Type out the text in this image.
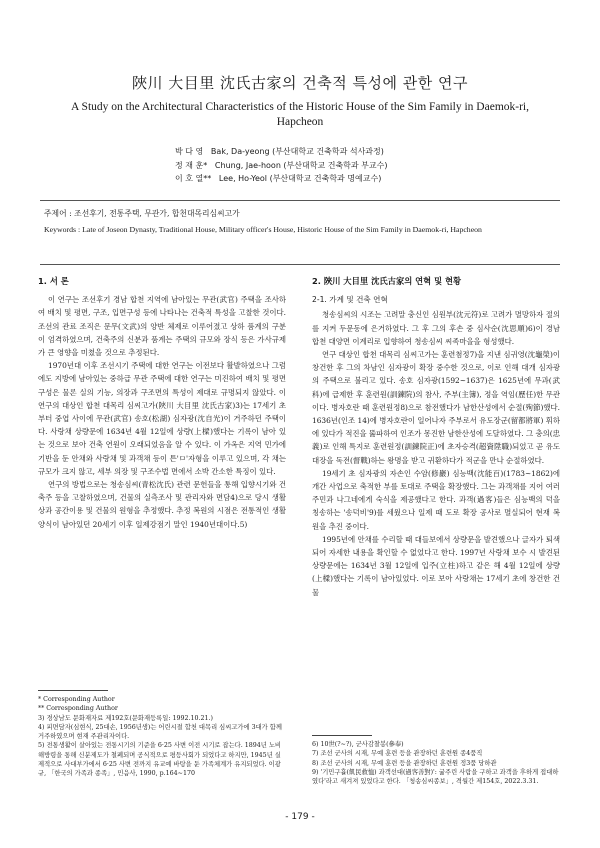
陜川 大目里 沈氏古家의 건축적 특성에 관한 연구
A Study on the Architectural Characteristics of the Historic House of the Sim Family in Daemok-ri, Hapcheon
박 다 영 Bak, Da-yeong (부산대학교 건축학과 석사과정)
정 재 훈* Chung, Jae-hoon (부산대학교 건축학과 부교수)
이 호 열** Lee, Ho-Yeol (부산대학교 건축학과 명예교수)
주제어 : 조선후기, 전통주택, 무관가, 합천대목리심씨고가
Keywords : Late of Joseon Dynasty, Traditional House, Military officer's House, Historic House of the Sim Family in Daemok-ri, Hapcheon
1. 서 론

이 연구는 조선후기 경남 합천 지역에 남아있는 무관(武官) 주택을 조사하여 배치 및 평면, 구조, 입면구성 등에 나타나는 건축적 특성을 고찰한 것이다. 조선의 관료 조직은 문무(文武)의 양반 체제로 이루어졌고 상하 품계의 구분이 엄격하였으며, 건축주의 신분과 품계는 주택의 규모와 장식 등은 가사규제가 큰 영향을 미쳤을 것으로 추정된다.

1970년대 이후 조선시기 주택에 대한 연구는 이전보다 활발하였으나 그럼에도 지방에 남아있는 중하급 무관 주택에 대한 연구는 미진하여 배치 및 평면구성은 물론 실의 기능, 의장과 구조면의 특성이 제대로 규명되지 않았다. 이 연구의 대상인 합천 대목리 심씨고가(陜川 大目里 沈氏古家)3)는 17세기 초부터 중엽 사이에 무관(武官) 송호(松湖) 심자광(沈自光)이 거주하던 주택이다. 사랑채 상량문에 1634년 4월 12일에 상량(上樑)했다는 기록이 남아 있는 것으로 보아 건축 연원이 오래되었음을 알 수 있다. 이 가옥은 지역 민가에 기반을 둔 안채와 사랑채 및 과객채 등이 튼'ㅁ'자형을 이루고 있으며, 각 채는 규모가 크지 않고, 세부 의장 및 구조수법 면에서 소박 간소한 특징이 있다.

연구의 방법으로는 청송심씨(青松沈氏) 관련 문헌들을 통해 입향시기와 건축주 등을 고찰하였으며, 건물의 실측조사 및 관리자와 면담4)으로 당시 생활상과 공간이용 및 건물의 원형을 추정했다. 추정 복원의 시점은 전통적인 생활양식이 남아있던 20세기 이후 일제강점기 말인 1940년대이다.5)

2. 陜川 大目里 沈氏古家의 연혁 및 현황
2-1. 가계 및 건축 연혁

청송심씨의 시조는 고려말 충신인 심원부(沈元符)로 고려가 멸망하자 절의를 지켜 두문동에 은거하였다. 그 후 그의 후손 중 심사순(沈思順)6)이 경남 합천 대양면 이계리로 입향하여 청송심씨 씨족마을을 형성했다.

연구 대상인 합천 대목리 심씨고가는 훈련첨정7)을 지낸 심귀영(沈龜榮)이 창건한 후 그의 차남인 심자광이 확장 중수한 것으로, 이로 인해 대개 심자광의 주택으로 불리고 있다. 송호 심자광(1592~1637)은 1625년에 무과(武科)에 급제한 후 훈련원(訓鍊院)의 참사, 주부(主簿), 정을 역임(歷任)한 무관이다. 병자호란 때 훈련원정8)으로 참전했다가 남한산성에서 순절(殉節)했다. 1636년(인조 14)에 병자호란이 일어나자 주부로서 유도장군(留都將軍) 휘하에 있다가 적진을 뚫파하여 인조가 몽진한 남한산성에 도달하였다. 그 충의(忠義)로 인해 특지로 훈련원정(訓鍊院正)에 초자승격(超資陞職)되었고 곧 유도대장을 독전(督戰)하는 왕명을 받고 귀환하다가 적군을 만나 순절하였다.

19세기 초 심자광의 자손인 수암(修巖) 심능백(沈能百)(1783~1862)에 개간 사업으로 축적한 부를 토대로 주택을 확장했다. 그는 과객채를 지어 여러 주민과 나그네에게 숙식을 제공했다고 한다. 과객(過客)들은 심능백의 덕을 칭송하는 '송덕비'9)를 세웠으나 일제 때 도로 확장 공사로 멸실되어 현재 복원을 추진 중이다.

1995년에 안채를 수리할 때 대들보에서 상량문을 발견했으나 글자가 퇴색되어 자세한 내용을 확인할 수 없었다고 한다. 1997년 사랑채 보수 시 발견된 상량문에는 1634년 3월 12일에 입주(立柱)하고 같은 해 4월 12일에 상량(上樑)했다는 기록이 남아있었다. 이로 보아 사랑채는 17세기 초에 창건한 건물

* Corresponding Author

** Corresponding Author

3) 경상남도 문화재자료 제192호(문화재등록일: 1992.10.21.)

4) 피면담자(심현식, 25대손, 1956년생)는 어린시절 합천 대목리 심씨고가에 3대가 함께 거주하였으며 현재 주관리자이다.

5) 전통생활이 살아있는 전통시기의 기준을 6·25 사변 이전 시기로 잡는다. 1894년 노비해방령을 통해 신분제도가 철폐되며 공식적으로 평등사회가 되었다고 하지만, 1945년 실제적으로 사대부가에서 6·25 사변 전까지 유교예 바탕을 둔 가족체계가 유지되었다. 이광규, 「한국의 가족과 종족」, 민음사, 1990, p.164~170

6) 10世(?~?), 군사감찰봉(參奉)

7) 조선 군사의 시재, 무예 훈련 등을 관장하던 훈련원 종4품직

8) 조선 군사의 시재, 무예 훈련 등을 관장하던 훈련원 정3품 당하관

9) '기민구휼(飢民救恤) 과객선대(過客善對)': 굶주린 사람을 구하고 과객을 후하게 접대하였다'라고 새겨져 있었다고 한다. 「청송심씨종보」, 격월간 제154호, 2022.3.31.

- 179 -
